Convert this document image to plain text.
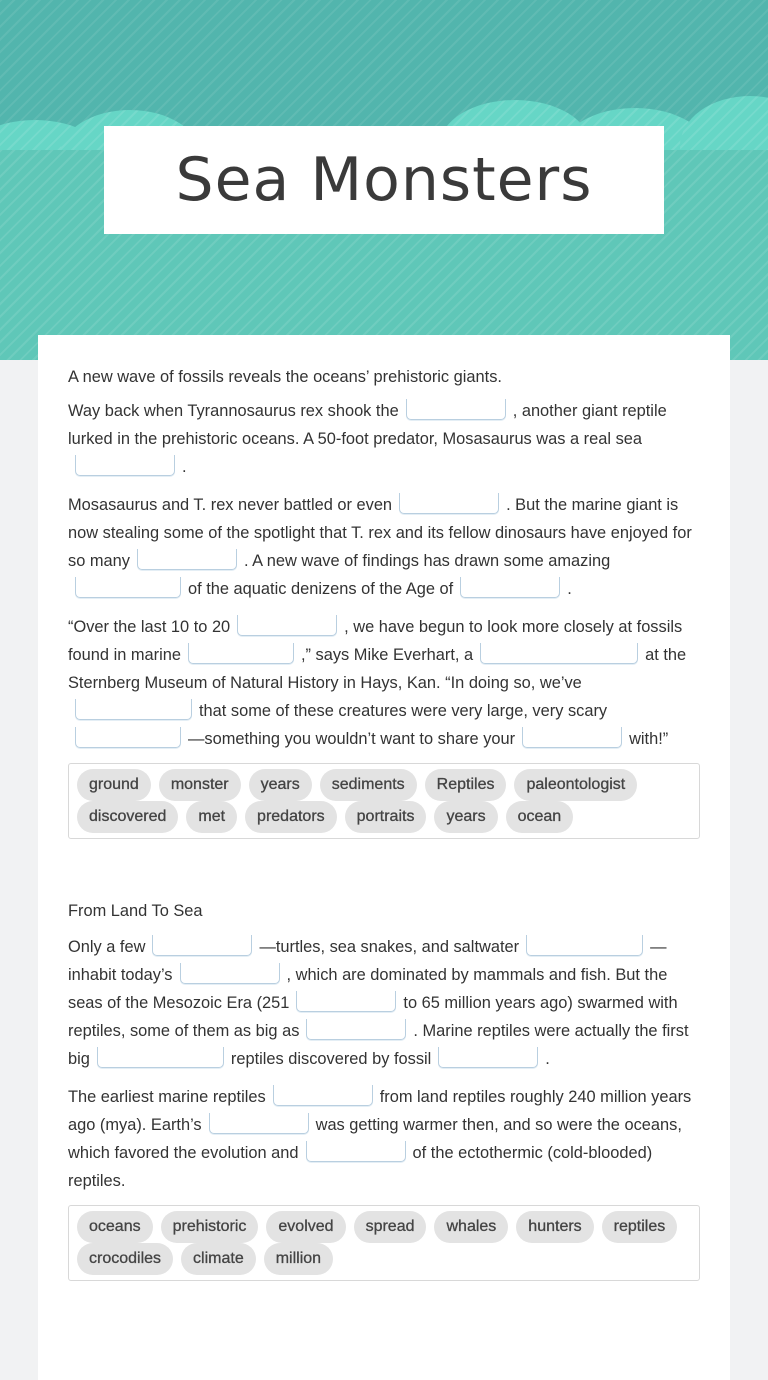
Sea Monsters

A new wave of fossils reveals the oceans’ prehistoric giants.

Way back when Tyrannosaurus rex shook the	, another giant reptile lurked in the prehistoric oceans. A 50-foot predator, Mosasaurus was a real sea.

Mosasaurus and T. rex never battled or even	. But the marine giant is now stealing some of the spotlight that T. rex and its fellow dinosaurs have enjoyed for so many	. A new wave of findings has drawn some amazingof the aquatic denizens of the Age of	.

“Over the last 10 to 20	, we have begun to look more closely at fossils found in marine	,” says Mike Everhart, a	at the Sternberg Museum of Natural History in Hays, Kan. “In doing so, we’vethat some of these creatures were very large, very scary—something you wouldn’t want to share your	with!”

ground monster years sediments Reptiles paleontologist
discovered met predators portraits years ocean

From Land To Sea

Only a few	—turtles, sea snakes, and saltwater	—inhabit today’s	, which are dominated by mammals and fish. But the seas of the Mesozoic Era (251	to 65 million years ago) swarmed with reptiles, some of them as big as	. Marine reptiles were actually the first big	reptiles discovered by fossil	.

The earliest marine reptiles	from land reptiles roughly 240 million years ago (mya). Earth’s	was getting warmer then, and so were the oceans, which favored the evolution and	of the ectothermic (cold-blooded) reptiles.

oceans prehistoric evolved spread whales hunters reptiles
crocodiles climate million
